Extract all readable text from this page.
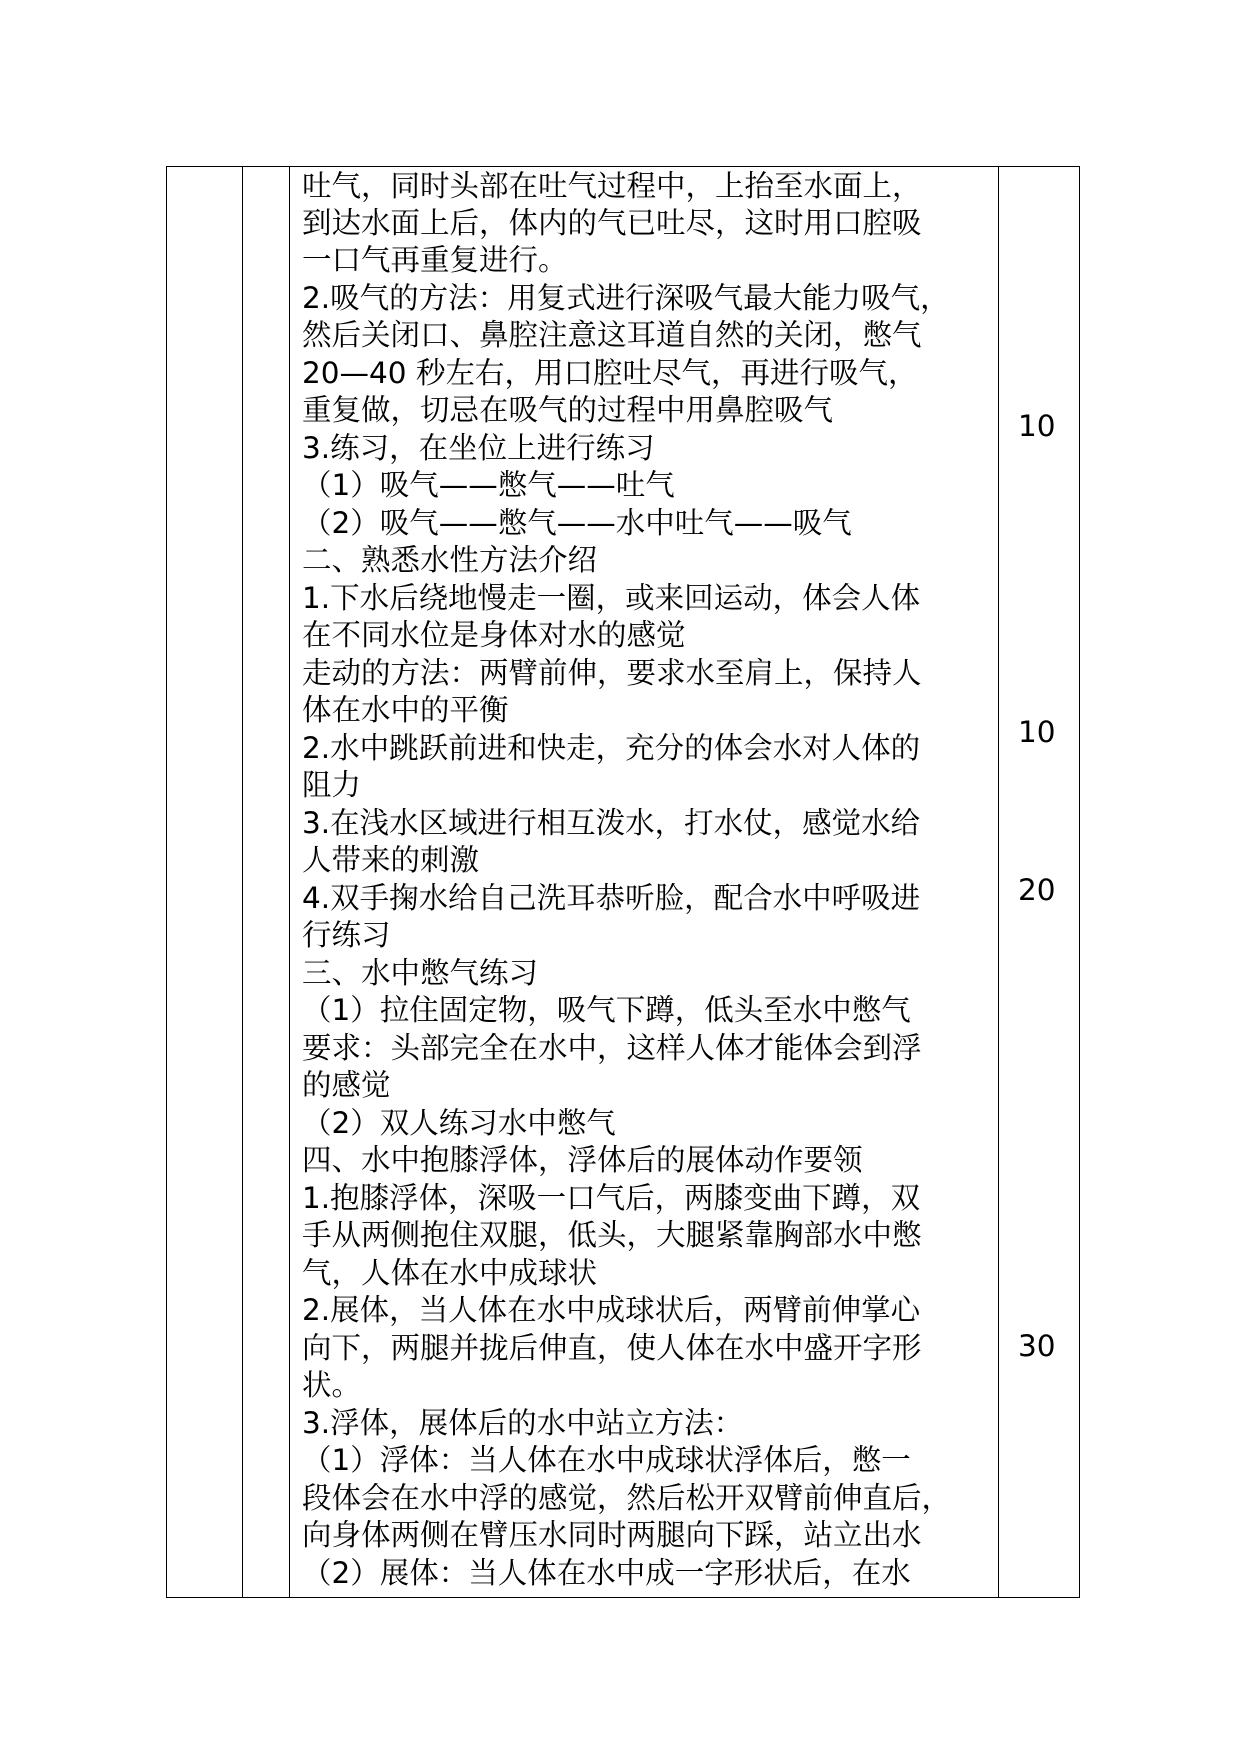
吐气，同时头部在吐气过程中，上抬至水面上，
到达水面上后，体内的气已吐尽，这时用口腔吸
一口气再重复进行。
2.吸气的方法：用复式进行深吸气最大能力吸气，
然后关闭口、鼻腔注意这耳道自然的关闭，憋气
20—40 秒左右，用口腔吐尽气，再进行吸气，
重复做，切忌在吸气的过程中用鼻腔吸气
3.练习，在坐位上进行练习
（1）吸气——憋气——吐气
（2）吸气——憋气——水中吐气——吸气
二、熟悉水性方法介绍
1.下水后绕地慢走一圈，或来回运动，体会人体
在不同水位是身体对水的感觉
走动的方法：两臂前伸，要求水至肩上，保持人
体在水中的平衡
2.水中跳跃前进和快走，充分的体会水对人体的
阻力
3.在浅水区域进行相互泼水，打水仗，感觉水给
人带来的刺激
4.双手掬水给自己洗耳恭听脸，配合水中呼吸进
行练习
三、水中憋气练习
（1）拉住固定物，吸气下蹲，低头至水中憋气
要求：头部完全在水中，这样人体才能体会到浮
的感觉
（2）双人练习水中憋气
四、水中抱膝浮体，浮体后的展体动作要领
1.抱膝浮体，深吸一口气后，两膝变曲下蹲，双
手从两侧抱住双腿，低头，大腿紧靠胸部水中憋
气，人体在水中成球状
2.展体，当人体在水中成球状后，两臂前伸掌心
向下，两腿并拢后伸直，使人体在水中盛开字形
状。
3.浮体，展体后的水中站立方法：
（1）浮体：当人体在水中成球状浮体后，憋一
段体会在水中浮的感觉，然后松开双臂前伸直后，
向身体两侧在臂压水同时两腿向下踩，站立出水
（2）展体：当人体在水中成一字形状后，在水
10
10
20
30
